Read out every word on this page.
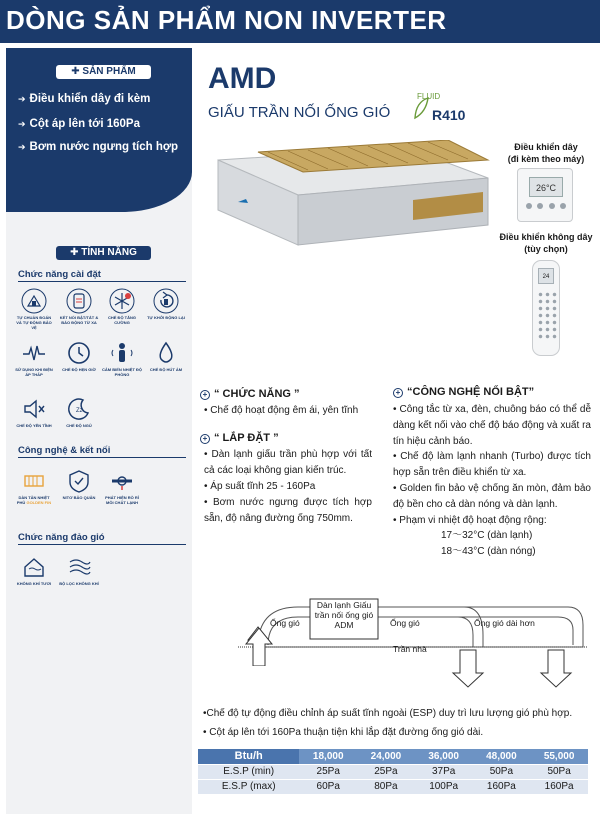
DÒNG SẢN PHẨM NON INVERTER
✚ SẢN PHẨM
➔ Điều khiển dây đi kèm
➔ Cột áp lên tới 160Pa
➔ Bơm nước ngưng tích hợp
✚ TÍNH NĂNG
Chức năng cài đặt
TỰ CHUẨN ĐOÁN VÀ TỰ ĐỘNG BẢO VỆ
KẾT NỐI BẬT/TẮT & BÁO ĐỘNG TỪ XA
CHẾ ĐỘ TĂNG CƯỜNG
TỰ KHỞI ĐỘNG LẠI
SỬ DỤNG KHI ĐIỆN ÁP THẤP
CHẾ ĐỘ HẸN GIỜ	CẢM BIẾN NHIỆT ĐỘ PHÒNG
CHẾ ĐỘ HÚT ẨM
CHẾ ĐỘ YÊN TĨNH
Zz
CHẾ ĐỘ NGỦ
Công nghệ & kết nối
DÀN TẢN NHIỆT PHỦ GOLDEN FIN
NITƠ BẢO QUẢN	PHÁT HIỆN RÒ RỈ MÔI CHẤT LẠNH
Chức năng đảo gió
KHÔNG KHÍ TƯƠI	BỘ LỌC KHÔNG KHÍ
AMD
GIẤU TRẦN NỐI ỐNG GIÓ
FLUID
R410
Điều khiển dây
(đi kèm theo máy)
26°C
Điều khiển không dây
(tùy chọn)
24
+ “ CHỨC NĂNG ”

• Chế độ hoạt động êm ái, yên tĩnh

+ “ LẮP ĐẶT ”

• Dàn lạnh giấu trần phù hợp với tất cả các loại không gian kiến trúc.

• Áp suất tĩnh 25 - 160Pa

• Bơm nước ngưng được tích hợp sẵn, độ nâng đường ống 750mm.

+ “CÔNG NGHỆ NỔI BẬT”

• Công tắc từ xa, đèn, chuông báo có thể dễ dàng kết nối vào chế độ báo động và xuất ra tín hiệu cảnh báo.

• Chế độ làm lạnh nhanh (Turbo) được tích hợp sẵn trên điều khiển từ xa.

• Golden fin bảo vệ chống ăn mòn, đảm bảo độ bền cho cả dàn nóng và dàn lạnh.

• Phạm vi nhiệt độ hoạt động rộng:

17～32°C (dàn lạnh)

18～43°C (dàn nóng)

Dàn lạnh Giấu trần nối ống gió ADM
Ống gió	Ống gió	Ống gió dài hơn
Trần nhà
•Chế độ tự động điều chỉnh áp suất tĩnh ngoài (ESP) duy trì lưu lượng gió phù hợp.
• Cột áp lên tới 160Pa thuận tiện khi lắp đặt đường ống gió dài.
Btu/h	18,000	24,000	36,000	48,000	55,000
E.S.P (min)	25Pa	25Pa	37Pa	50Pa	50Pa
E.S.P (max)	60Pa	80Pa	100Pa	160Pa	160Pa
